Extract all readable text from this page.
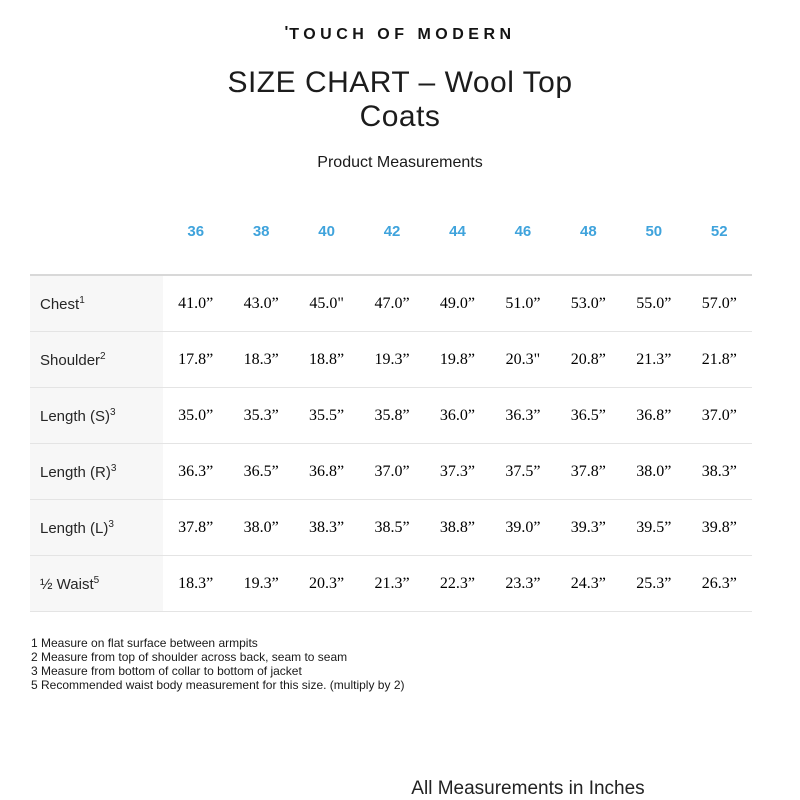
'TOUCH OF MODERN
SIZE CHART – Wool Top Coats
Product Measurements
	36	38	40	42	44	46	48	50	52
Chest$^1$	41.0”	43.0”	45.0"	47.0”	49.0”	51.0”	53.0”	55.0”	57.0”
Shoulder$^2$	17.8”	18.3”	18.8”	19.3”	19.8”	20.3"	20.8”	21.3”	21.8”
Length $(S)^3$	35.0”	35.3”	35.5”	35.8”	36.0”	36.3”	36.5”	36.8”	37.0”
Length $(R)^3$	36.3”	36.5”	36.8”	37.0”	37.3”	37.5”	37.8”	38.0”	38.3”
Length $(L)^3$	37.8”	38.0”	38.3”	38.5”	38.8”	39.0”	39.3”	39.5”	39.8”
½ Waist$^5$	18.3”	19.3”	20.3”	21.3”	22.3”	23.3”	24.3”	25.3”	26.3”
1 Measure on flat surface between armpits
2 Measure from top of shoulder across back, seam to seam
3 Measure from bottom of collar to bottom of jacket
5 Recommended waist body measurement for this size. (multiply by 2)
All Measurements in Inches
